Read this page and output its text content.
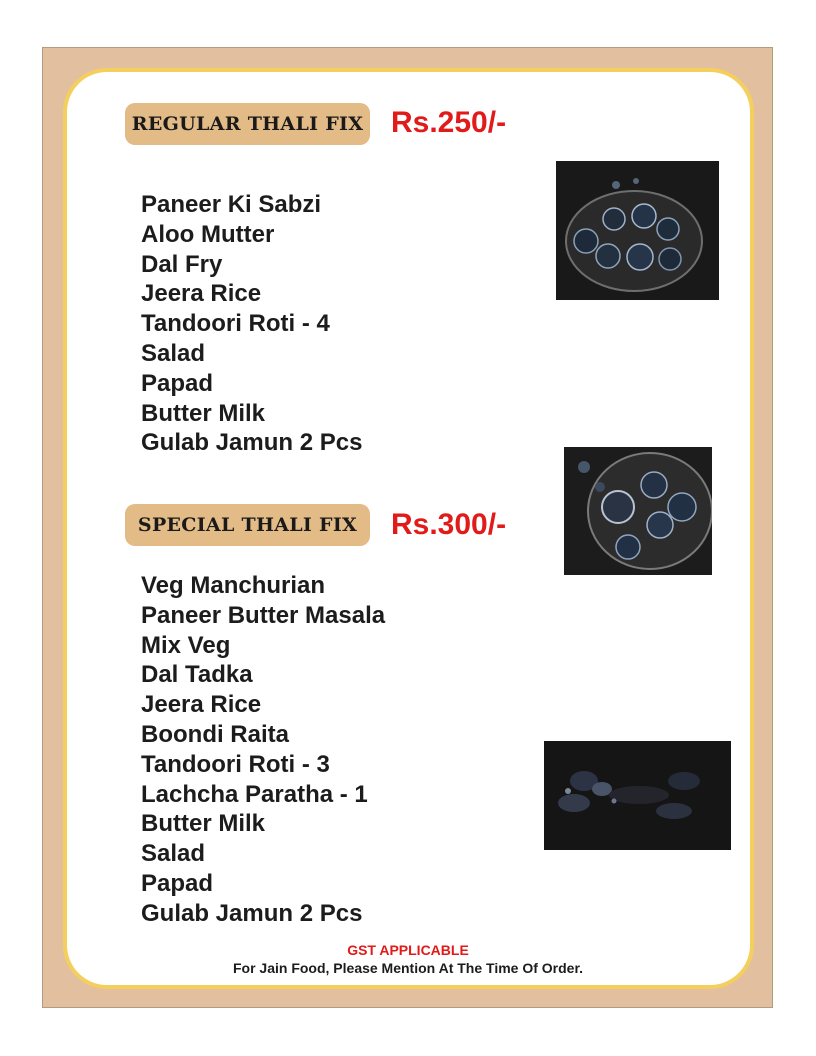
REGULAR THALI FIX Rs.250/-
Paneer Ki Sabzi
Aloo Mutter
Dal Fry
Jeera Rice
Tandoori Roti - 4
Salad
Papad
Butter Milk
Gulab Jamun 2 Pcs
SPECIAL THALI FIX Rs.300/-
Veg Manchurian
Paneer Butter Masala
Mix Veg
Dal Tadka
Jeera Rice
Boondi Raita
Tandoori Roti - 3
Lachcha Paratha - 1
Butter Milk
Salad
Papad
Gulab Jamun 2 Pcs
GST APPLICABLE
For Jain Food, Please Mention At The Time Of Order.
